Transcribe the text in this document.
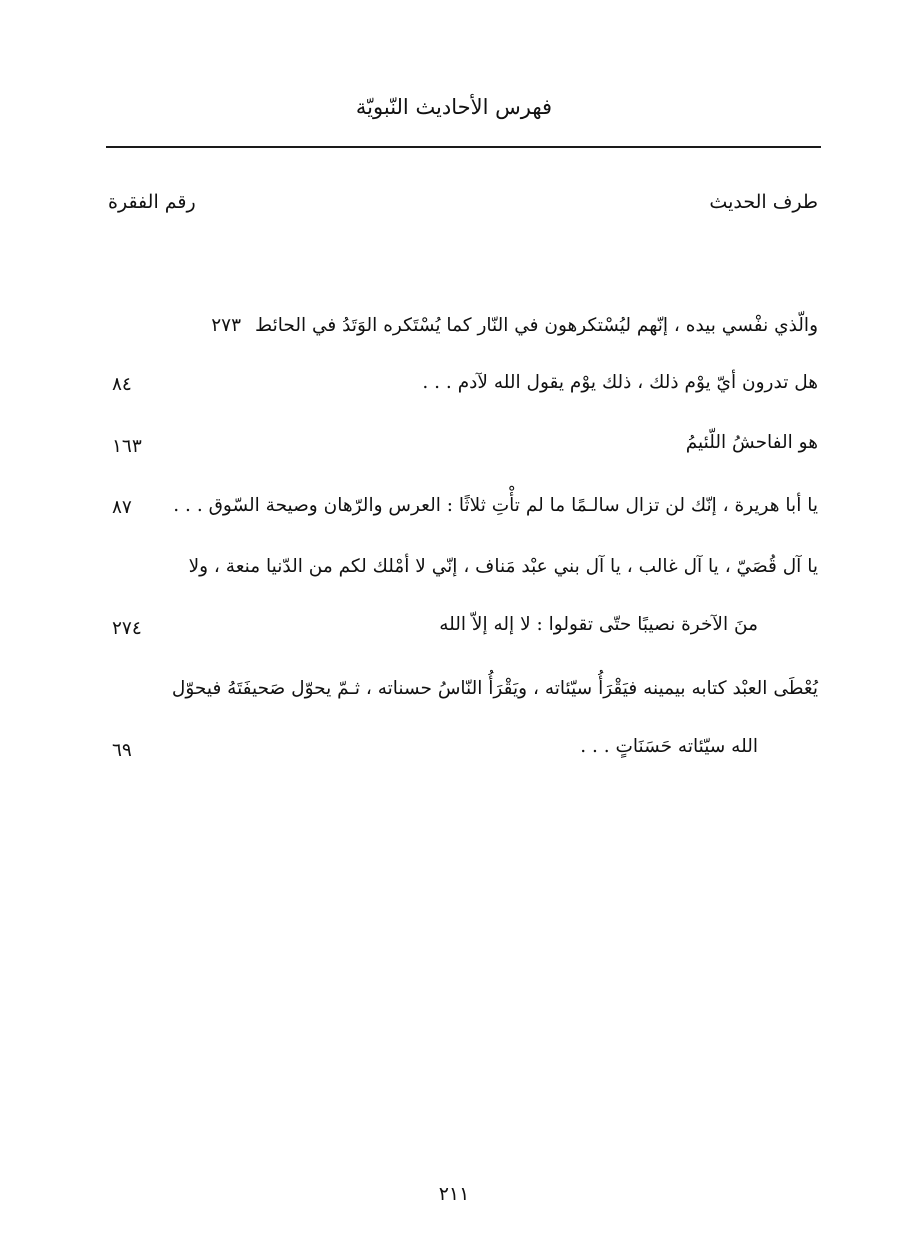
فهرس الأحاديث النّبويّة
طرف الحديث
رقم الفقرة
والّذي نفْسي بيده ، إنّهم ليُسْتكرهون في النّار كما يُسْتَكره الوَتَدُ في الحائط٢٧٣
هل تدرون أيّ يوْم ذلك ، ذلك يوْم يقول الله لآدم . . .
٨٤
هو الفاحشُ اللّئيمُ
١٦٣
يا أبا هريرة ، إنّك لن تزال سالـمًا ما لم تأْتِ ثلاثًا : العرس والرّهان وصيحة السّوق . . .
٨٧
يا آل قُصَيّ ، يا آل غالب ، يا آل بني عبْد مَناف ، إنّي لا أمْلك لكم من الدّنيا منعة ، ولا
منَ الآخرة نصيبًا حتّى تقولوا : لا إله إلاّ الله
٢٧٤
يُعْطَى العبْد كتابه بيمينه فيَقْرَأُ سيّئاته ، ويَقْرَأُ النّاسُ حسناته ، ثـمّ يحوّل صَحيفَتَهُ فيحوّل
الله سيّئاته حَسَنَاتٍ . . .
٦٩
٢١١
